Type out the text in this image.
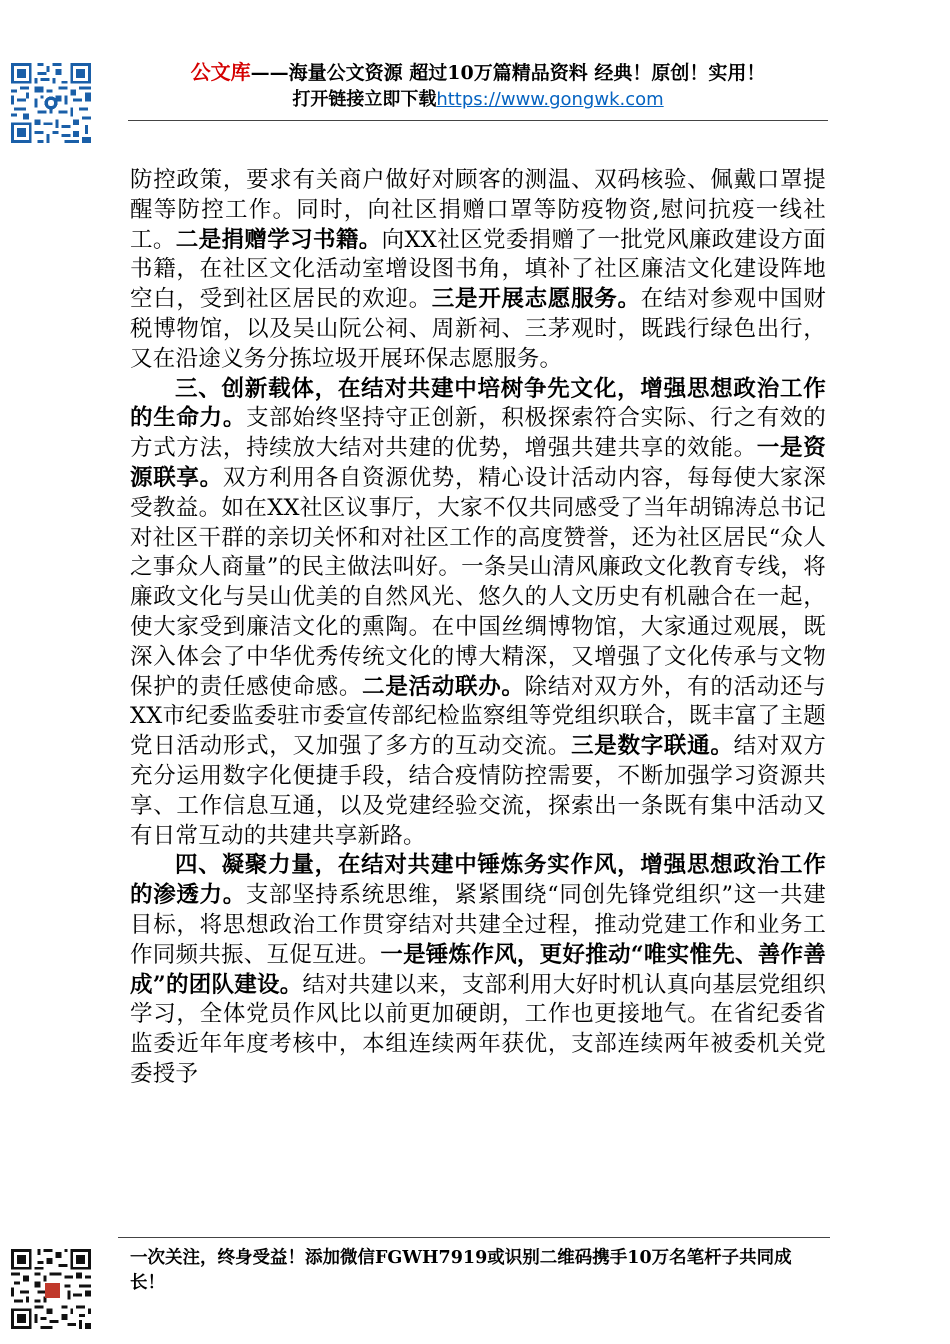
公文库——海量公文资源 超过10万篇精品资料 经典！原创！实用！
打开链接立即下载https://www.gongwk.com

防控政策，要求有关商户做好对顾客的测温、双码核验、佩戴口罩提醒等防控工作。同时，向社区捐赠口罩等防疫物资,慰问抗疫一线社工。二是捐赠学习书籍。向XX社区党委捐赠了一批党风廉政建设方面书籍，在社区文化活动室增设图书角，填补了社区廉洁文化建设阵地空白，受到社区居民的欢迎。三是开展志愿服务。在结对参观中国财税博物馆，以及吴山阮公祠、周新祠、三茅观时，既践行绿色出行，又在沿途义务分拣垃圾开展环保志愿服务。

三、创新载体，在结对共建中培树争先文化，增强思想政治工作的生命力。支部始终坚持守正创新，积极探索符合实际、行之有效的方式方法，持续放大结对共建的优势，增强共建共享的效能。一是资源联享。双方利用各自资源优势，精心设计活动内容，每每使大家深受教益。如在XX社区议事厅，大家不仅共同感受了当年胡锦涛总书记对社区干群的亲切关怀和对社区工作的高度赞誉，还为社区居民“众人之事众人商量”的民主做法叫好。一条吴山清风廉政文化教育专线，将廉政文化与吴山优美的自然风光、悠久的人文历史有机融合在一起，使大家受到廉洁文化的熏陶。在中国丝绸博物馆，大家通过观展，既深入体会了中华优秀传统文化的博大精深，又增强了文化传承与文物保护的责任感使命感。二是活动联办。除结对双方外，有的活动还与XX市纪委监委驻市委宣传部纪检监察组等党组织联合，既丰富了主题党日活动形式，又加强了多方的互动交流。三是数字联通。结对双方充分运用数字化便捷手段，结合疫情防控需要，不断加强学习资源共享、工作信息互通，以及党建经验交流，探索出一条既有集中活动又有日常互动的共建共享新路。

四、凝聚力量，在结对共建中锤炼务实作风，增强思想政治工作的渗透力。支部坚持系统思维，紧紧围绕“同创先锋党组织”这一共建目标，将思想政治工作贯穿结对共建全过程，推动党建工作和业务工作同频共振、互促互进。一是锤炼作风，更好推动“唯实惟先、善作善成”的团队建设。结对共建以来，支部利用大好时机认真向基层党组织学习，全体党员作风比以前更加硬朗，工作也更接地气。在省纪委省监委近年年度考核中，本组连续两年获优，支部连续两年被委机关党委授予

一次关注，终身受益！添加微信FGWH7919或识别二维码携手10万名笔杆子共同成长！
